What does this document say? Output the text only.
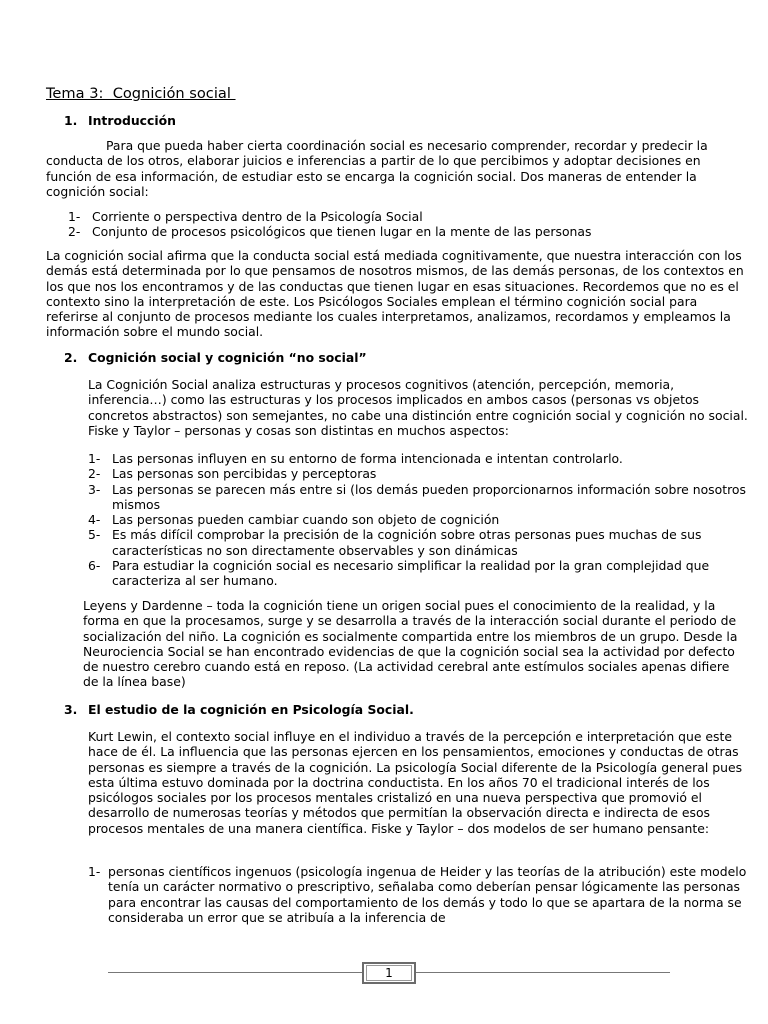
Tema 3:  Cognición social
1. Introducción

Para que pueda haber cierta coordinación social es necesario comprender, recordar y predecir la conducta de los otros, elaborar juicios e inferencias a partir de lo que percibimos y adoptar decisiones en función de esa información, de estudiar esto se encarga la cognición social. Dos maneras de entender la cognición social:

1- Corriente o perspectiva dentro de la Psicología Social
2- Conjunto de procesos psicológicos que tienen lugar en la mente de las personas

La cognición social afirma que la conducta social está mediada cognitivamente, que nuestra interacción con los demás está determinada por lo que pensamos de nosotros mismos, de las demás personas, de los contextos en los que nos los encontramos y de las conductas que tienen lugar en esas situaciones. Recordemos que no es el contexto sino la interpretación de este. Los Psicólogos Sociales emplean el término cognición social para referirse al conjunto de procesos mediante los cuales interpretamos, analizamos, recordamos y empleamos la información sobre el mundo social.

2. Cognición social y cognición “no social”

La Cognición Social analiza estructuras y procesos cognitivos (atención, percepción, memoria, inferencia…) como las estructuras y los procesos implicados en ambos casos (personas vs objetos concretos abstractos) son semejantes, no cabe una distinción entre cognición social y cognición no social. Fiske y Taylor – personas y cosas son distintas en muchos aspectos:

1- Las personas influyen en su entorno de forma intencionada e intentan controlarlo.
2- Las personas son percibidas y perceptoras
3- Las personas se parecen más entre si (los demás pueden proporcionarnos información sobre nosotros mismos
4- Las personas pueden cambiar cuando son objeto de cognición
5- Es más difícil comprobar la precisión de la cognición sobre otras personas pues muchas de sus características no son directamente observables y son dinámicas
6- Para estudiar la cognición social es necesario simplificar la realidad por la gran complejidad que caracteriza al ser humano.

Leyens y Dardenne – toda la cognición tiene un origen social pues el conocimiento de la realidad, y la forma en que la procesamos, surge y se desarrolla a través de la interacción social durante el periodo de socialización del niño. La cognición es socialmente compartida entre los miembros de un grupo. Desde la Neurociencia Social se han encontrado evidencias de que la cognición social sea la actividad por defecto de nuestro cerebro cuando está en reposo. (La actividad cerebral ante estímulos sociales apenas difiere de la línea base)

3. El estudio de la cognición en Psicología Social.

Kurt Lewin, el contexto social influye en el individuo a través de la percepción e interpretación que este hace de él. La influencia que las personas ejercen en los pensamientos, emociones y conductas de otras personas es siempre a través de la cognición. La psicología Social diferente de la Psicología general pues esta última estuvo dominada por la doctrina conductista. En los años 70 el tradicional interés de los psicólogos sociales por los procesos mentales cristalizó en una nueva perspectiva que promovió el desarrollo de numerosas teorías y métodos que permitían la observación directa e indirecta de esos procesos mentales de una manera científica. Fiske y Taylor – dos modelos de ser humano pensante:

1- personas científicos ingenuos (psicología ingenua de Heider y las teorías de la atribución) este modelo tenía un carácter normativo o prescriptivo, señalaba como deberían pensar lógicamente las personas para encontrar las causas del comportamiento de los demás y todo lo que se apartara de la norma se consideraba un error que se atribuía a la inferencia de
1
